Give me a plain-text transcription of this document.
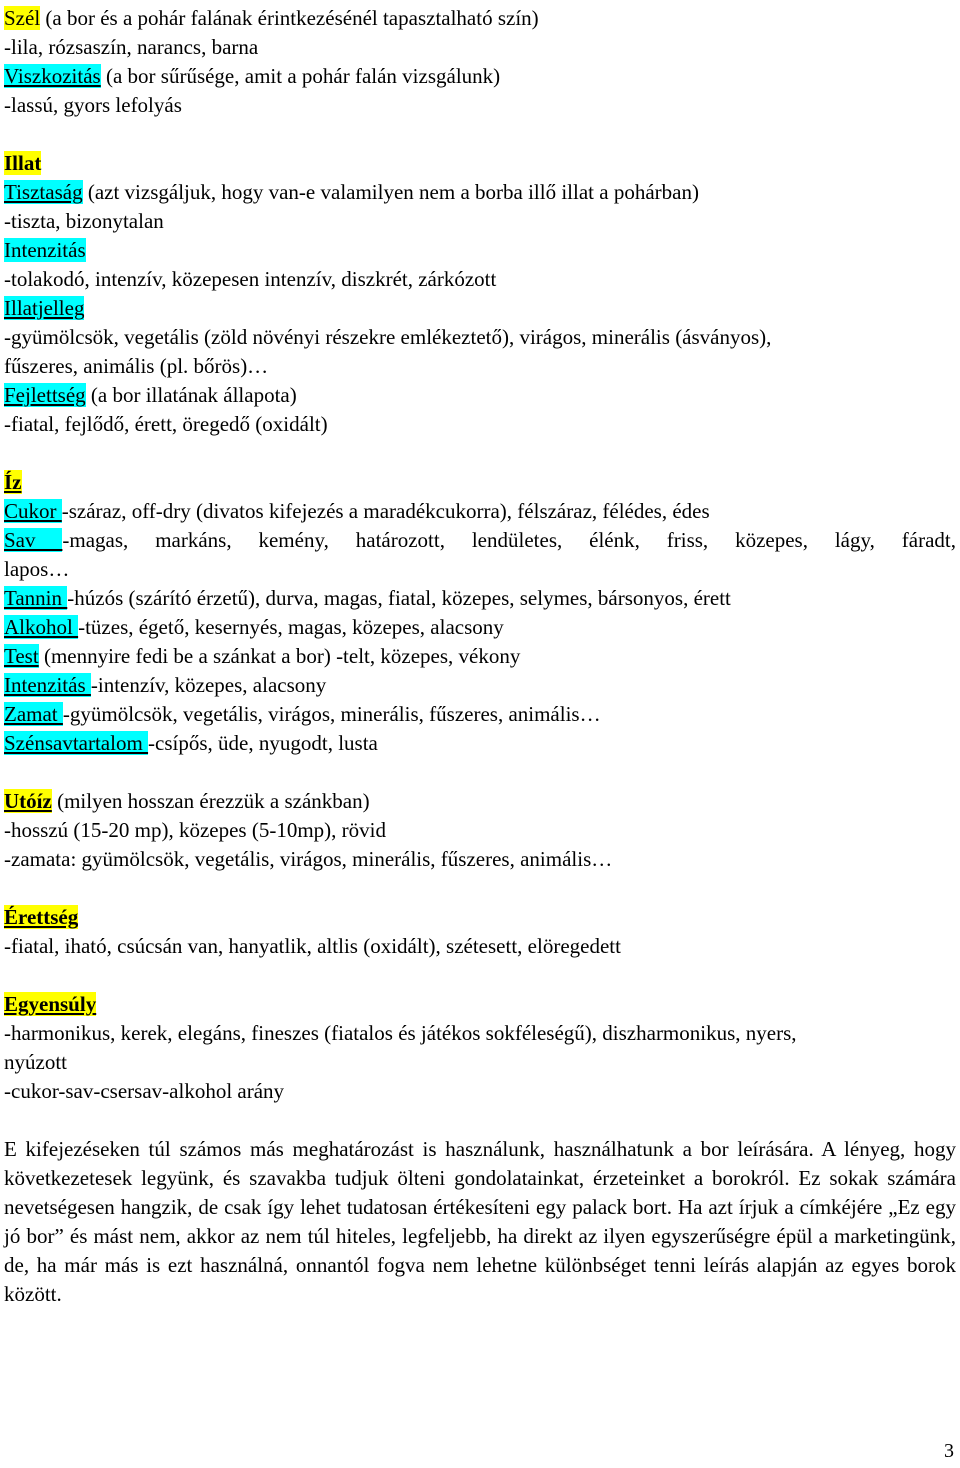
Szél (a bor és a pohár falának érintkezésénél tapasztalható szín)
-lila, rózsaszín, narancs, barna
Viszkozitás (a bor sűrűsége, amit a pohár falán vizsgálunk)
-lassú, gyors lefolyás
Illat
Tisztaság (azt vizsgáljuk, hogy van-e valamilyen nem a borba illő illat a pohárban)
-tiszta, bizonytalan
Intenzitás
-tolakodó, intenzív, közepesen intenzív, diszkrét, zárkózott
Illatjelleg
-gyümölcsök, vegetális (zöld növényi részekre emlékeztető), virágos, minerális (ásványos),
fűszeres, animális (pl. bőrös)…
Fejlettség (a bor illatának állapota)
-fiatal, fejlődő, érett, öregedő (oxidált)
Íz
Cukor -száraz, off-dry (divatos kifejezés a maradékcukorra), félszáraz, félédes, édes
Sav -magas, markáns, kemény, határozott, lendületes, élénk, friss, közepes, lágy, fáradt,
lapos…
Tannin -húzós (szárító érzetű), durva, magas, fiatal, közepes, selymes, bársonyos, érett
Alkohol -tüzes, égető, kesernyés, magas, közepes, alacsony
Test (mennyire fedi be a szánkat a bor) -telt, közepes, vékony
Intenzitás -intenzív, közepes, alacsony
Zamat -gyümölcsök, vegetális, virágos, minerális, fűszeres, animális…
Szénsavtartalom -csípős, üde, nyugodt, lusta
Utóíz (milyen hosszan érezzük a szánkban)
-hosszú (15-20 mp), közepes (5-10mp), rövid
-zamata: gyümölcsök, vegetális, virágos, minerális, fűszeres, animális…
Érettség
-fiatal, iható, csúcsán van, hanyatlik, altlis (oxidált), szétesett, elöregedett
Egyensúly
-harmonikus, kerek, elegáns, fineszes (fiatalos és játékos sokféleségű), diszharmonikus, nyers,
nyúzott
-cukor-sav-csersav-alkohol arány
E kifejezéseken túl számos más meghatározást is használunk, használhatunk a bor leírására. A lényeg, hogy következetesek legyünk, és szavakba tudjuk ölteni gondolatainkat, érzeteinket a borokról. Ez sokak számára nevetségesen hangzik, de csak így lehet tudatosan értékesíteni egy palack bort. Ha azt írjuk a címkéjére „Ez egy jó bor” és mást nem, akkor az nem túl hiteles, legfeljebb, ha direkt az ilyen egyszerűségre épül a marketingünk, de, ha már más is ezt használná, onnantól fogva nem lehetne különbséget tenni leírás alapján az egyes borok között.
3
